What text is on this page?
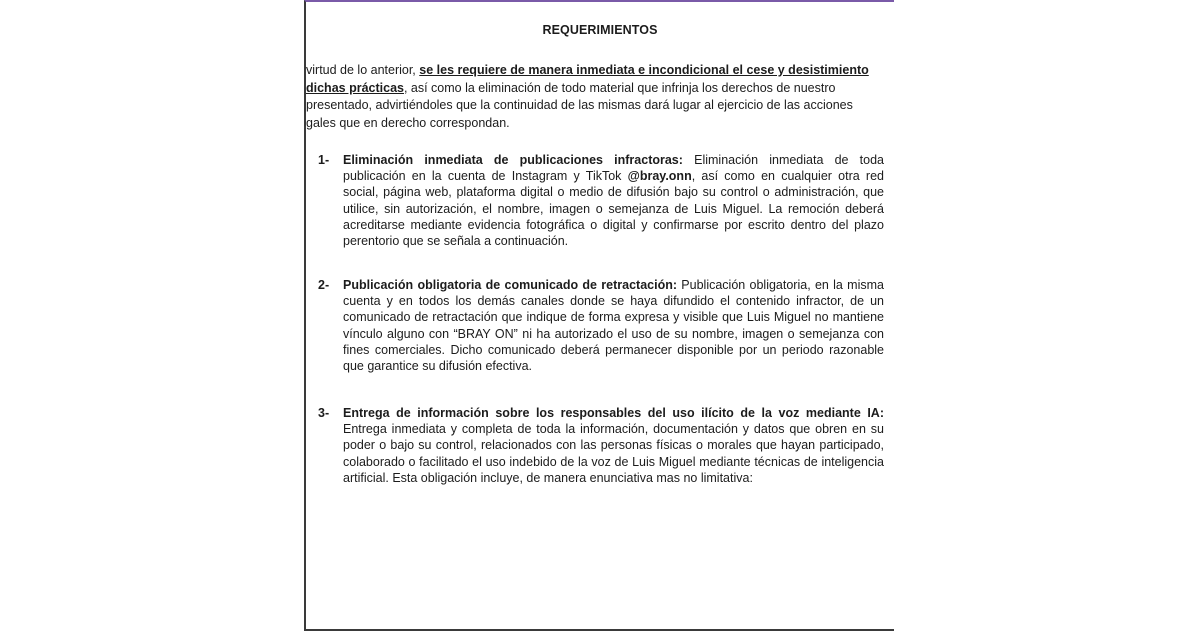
REQUERIMIENTOS
virtud de lo anterior, se les requiere de manera inmediata e incondicional el cese y desistimiento
dichas prácticas, así como la eliminación de todo material que infrinja los derechos de nuestro
presentado, advirtiéndoles que la continuidad de las mismas dará lugar al ejercicio de las acciones
gales que en derecho correspondan.
1-	Eliminación inmediata de publicaciones infractoras: Eliminación inmediata de toda publicación en la cuenta de Instagram y TikTok @bray.onn, así como en cualquier otra red social, página web, plataforma digital o medio de difusión bajo su control o administración, que utilice, sin autorización, el nombre, imagen o semejanza de Luis Miguel. La remoción deberá acreditarse mediante evidencia fotográfica o digital y confirmarse por escrito dentro del plazo perentorio que se señala a continuación.
2-	Publicación obligatoria de comunicado de retractación: Publicación obligatoria, en la misma cuenta y en todos los demás canales donde se haya difundido el contenido infractor, de un comunicado de retractación que indique de forma expresa y visible que Luis Miguel no mantiene vínculo alguno con “BRAY ON” ni ha autorizado el uso de su nombre, imagen o semejanza con fines comerciales. Dicho comunicado deberá permanecer disponible por un periodo razonable que garantice su difusión efectiva.
3-	Entrega de información sobre los responsables del uso ilícito de la voz mediante IA: Entrega inmediata y completa de toda la información, documentación y datos que obren en su poder o bajo su control, relacionados con las personas físicas o morales que hayan participado, colaborado o facilitado el uso indebido de la voz de Luis Miguel mediante técnicas de inteligencia artificial. Esta obligación incluye, de manera enunciativa mas no limitativa:
